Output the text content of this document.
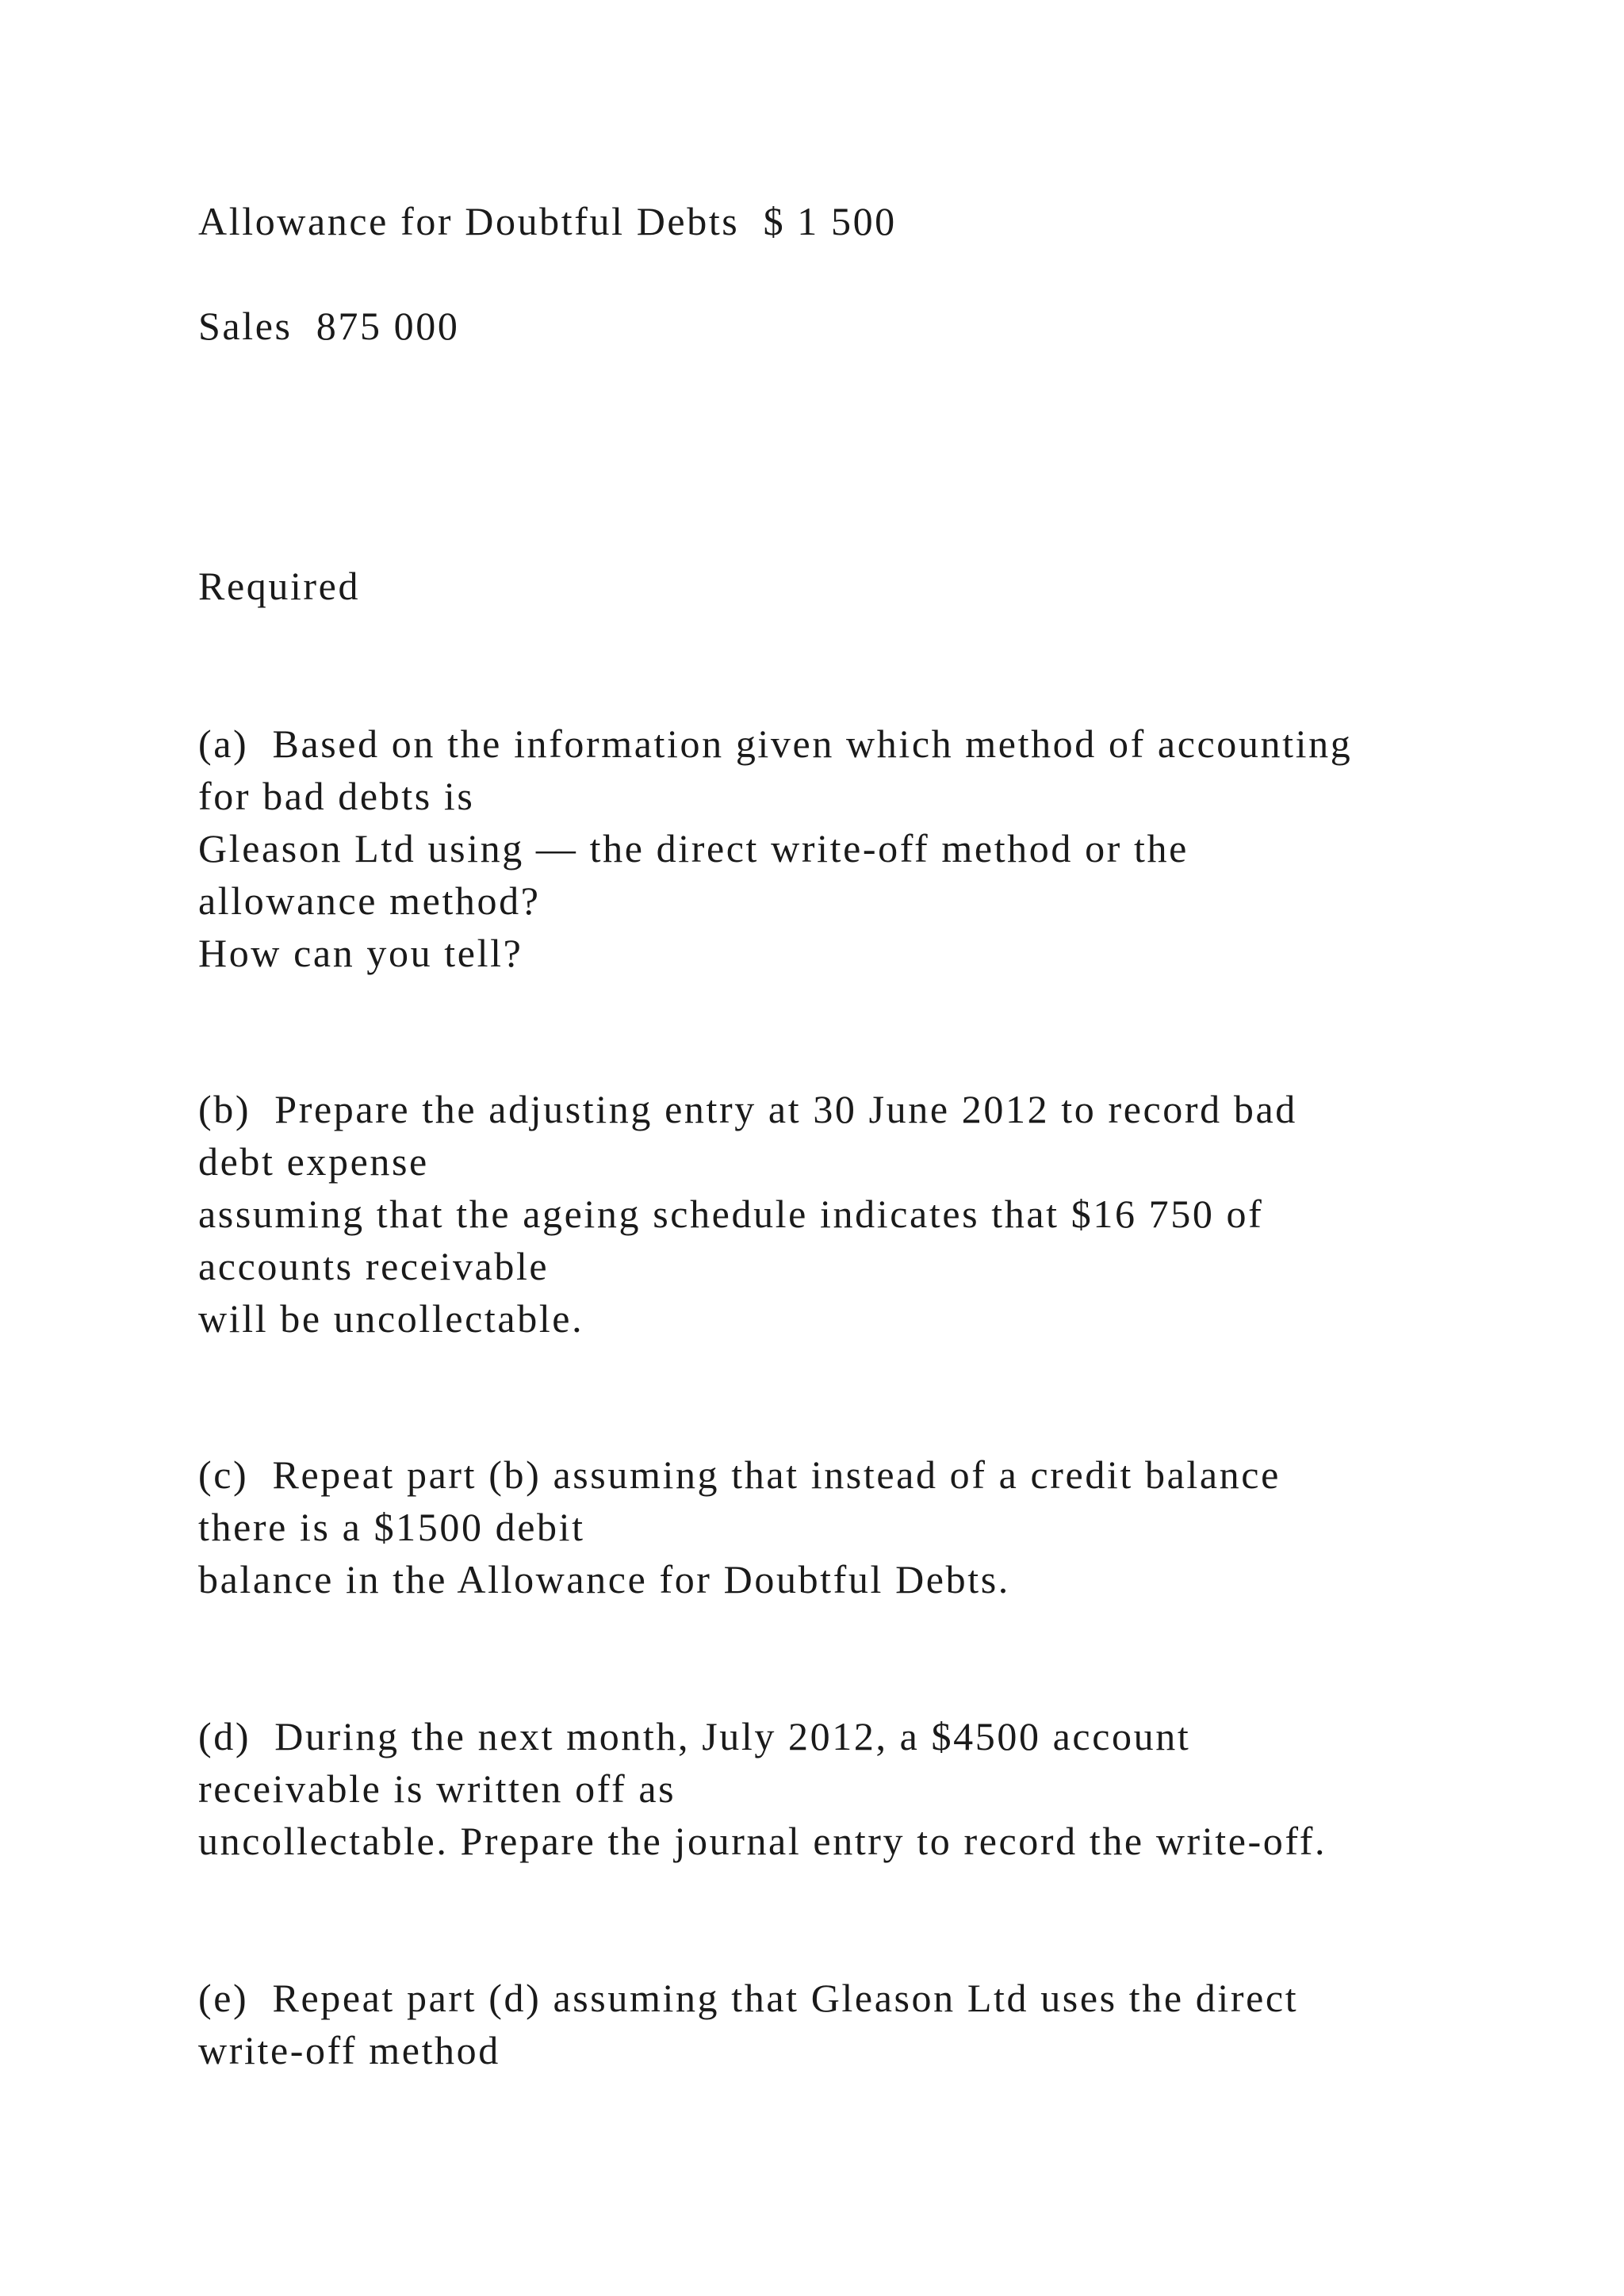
Allowance for Doubtful Debts  $ 1 500

Sales  875 000

Required

(a)  Based on the information given which method of accounting

for bad debts is

Gleason Ltd using — the direct write-off method or the

allowance method?

How can you tell?

(b)  Prepare the adjusting entry at 30 June 2012 to record bad

debt expense

assuming that the ageing schedule indicates that $16 750 of

accounts receivable

will be uncollectable.

(c)  Repeat part (b) assuming that instead of a credit balance

there is a $1500 debit

balance in the Allowance for Doubtful Debts.

(d)  During the next month, July 2012, a $4500 account

receivable is written off as

uncollectable. Prepare the journal entry to record the write-off.

(e)  Repeat part (d) assuming that Gleason Ltd uses the direct

write-off method
